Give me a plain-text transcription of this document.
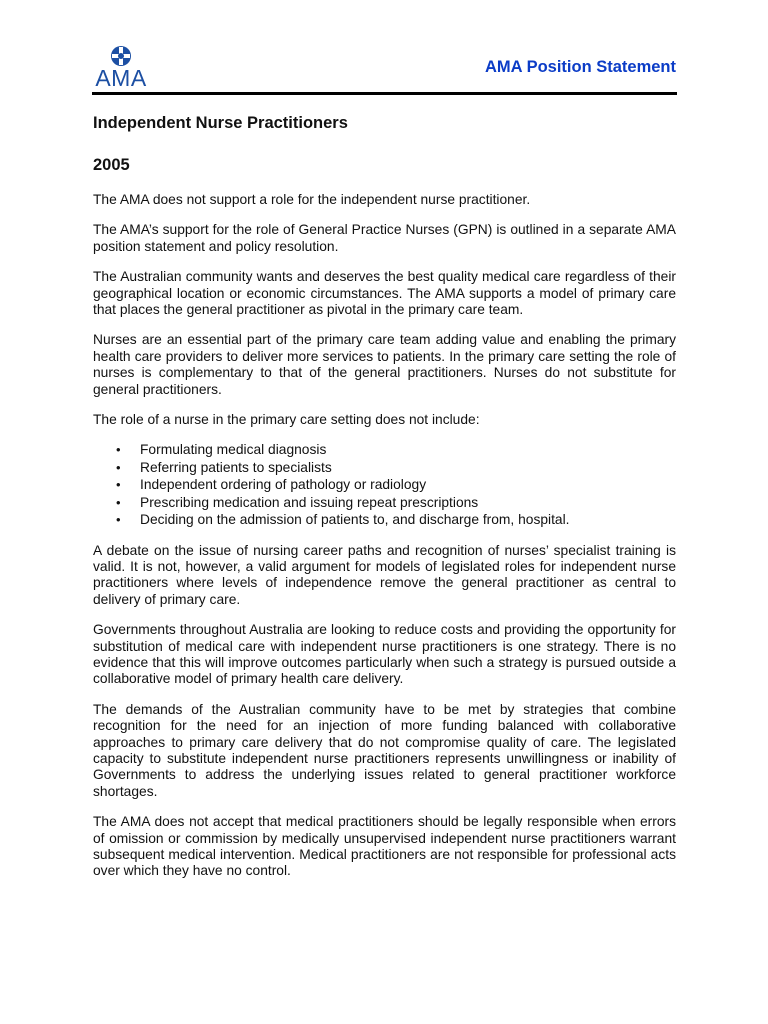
AMA	AMA Position Statement
Independent Nurse Practitioners
2005

The AMA does not support a role for the independent nurse practitioner.

The AMA’s support for the role of General Practice Nurses (GPN) is outlined in a separate AMA position statement and policy resolution.

The Australian community wants and deserves the best quality medical care regardless of their geographical location or economic circumstances. The AMA supports a model of primary care that places the general practitioner as pivotal in the primary care team.

Nurses are an essential part of the primary care team adding value and enabling the primary health care providers to deliver more services to patients. In the primary care setting the role of nurses is complementary to that of the general practitioners. Nurses do not substitute for general practitioners.

The role of a nurse in the primary care setting does not include:

• Formulating medical diagnosis
• Referring patients to specialists
• Independent ordering of pathology or radiology
• Prescribing medication and issuing repeat prescriptions
• Deciding on the admission of patients to, and discharge from, hospital.

A debate on the issue of nursing career paths and recognition of nurses’ specialist training is valid. It is not, however, a valid argument for models of legislated roles for independent nurse practitioners where levels of independence remove the general practitioner as central to delivery of primary care.

Governments throughout Australia are looking to reduce costs and providing the opportunity for substitution of medical care with independent nurse practitioners is one strategy. There is no evidence that this will improve outcomes particularly when such a strategy is pursued outside a collaborative model of primary health care delivery.

The demands of the Australian community have to be met by strategies that combine recognition for the need for an injection of more funding balanced with collaborative approaches to primary care delivery that do not compromise quality of care. The legislated capacity to substitute independent nurse practitioners represents unwillingness or inability of Governments to address the underlying issues related to general practitioner workforce shortages.

The AMA does not accept that medical practitioners should be legally responsible when errors of omission or commission by medically unsupervised independent nurse practitioners warrant subsequent medical intervention. Medical practitioners are not responsible for professional acts over which they have no control.
